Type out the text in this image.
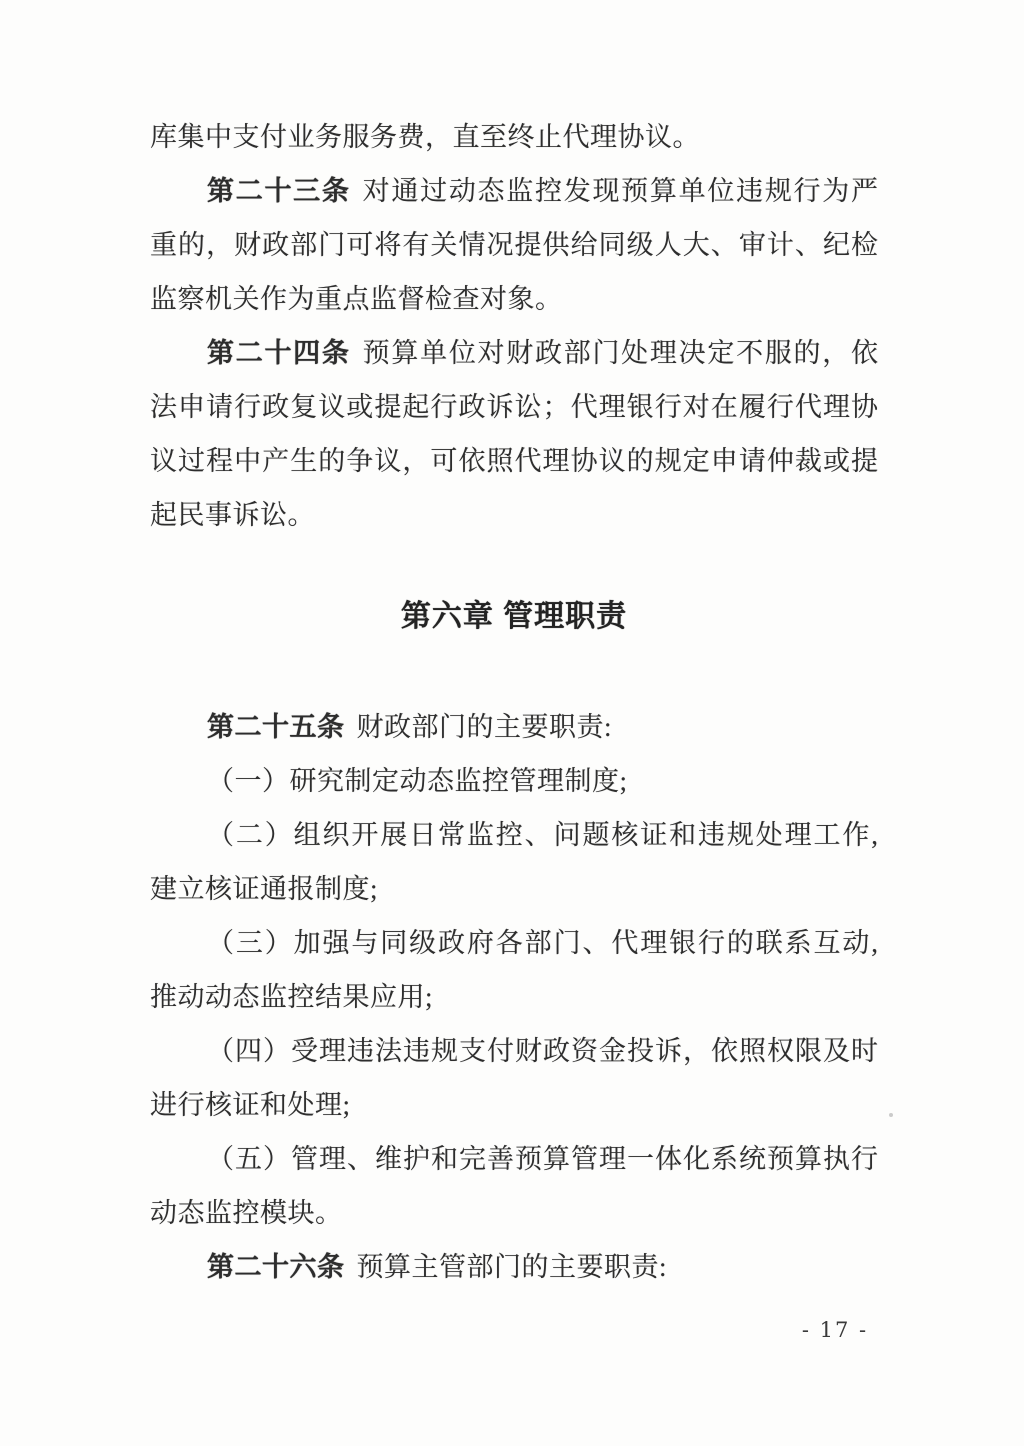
库集中支付业务服务费，直至终止代理协议。

第二十三条 对通过动态监控发现预算单位违规行为严

重的，财政部门可将有关情况提供给同级人大、审计、纪检

监察机关作为重点监督检查对象。

第二十四条 预算单位对财政部门处理决定不服的，依

法申请行政复议或提起行政诉讼；代理银行对在履行代理协

议过程中产生的争议，可依照代理协议的规定申请仲裁或提

起民事诉讼。

第六章 管理职责

第二十五条 财政部门的主要职责:

（一）研究制定动态监控管理制度;

（二）组织开展日常监控、问题核证和违规处理工作,

建立核证通报制度;

（三）加强与同级政府各部门、代理银行的联系互动,

推动动态监控结果应用;

（四）受理违法违规支付财政资金投诉，依照权限及时

进行核证和处理;

（五）管理、维护和完善预算管理一体化系统预算执行

动态监控模块。

第二十六条 预算主管部门的主要职责:

- 17 -
